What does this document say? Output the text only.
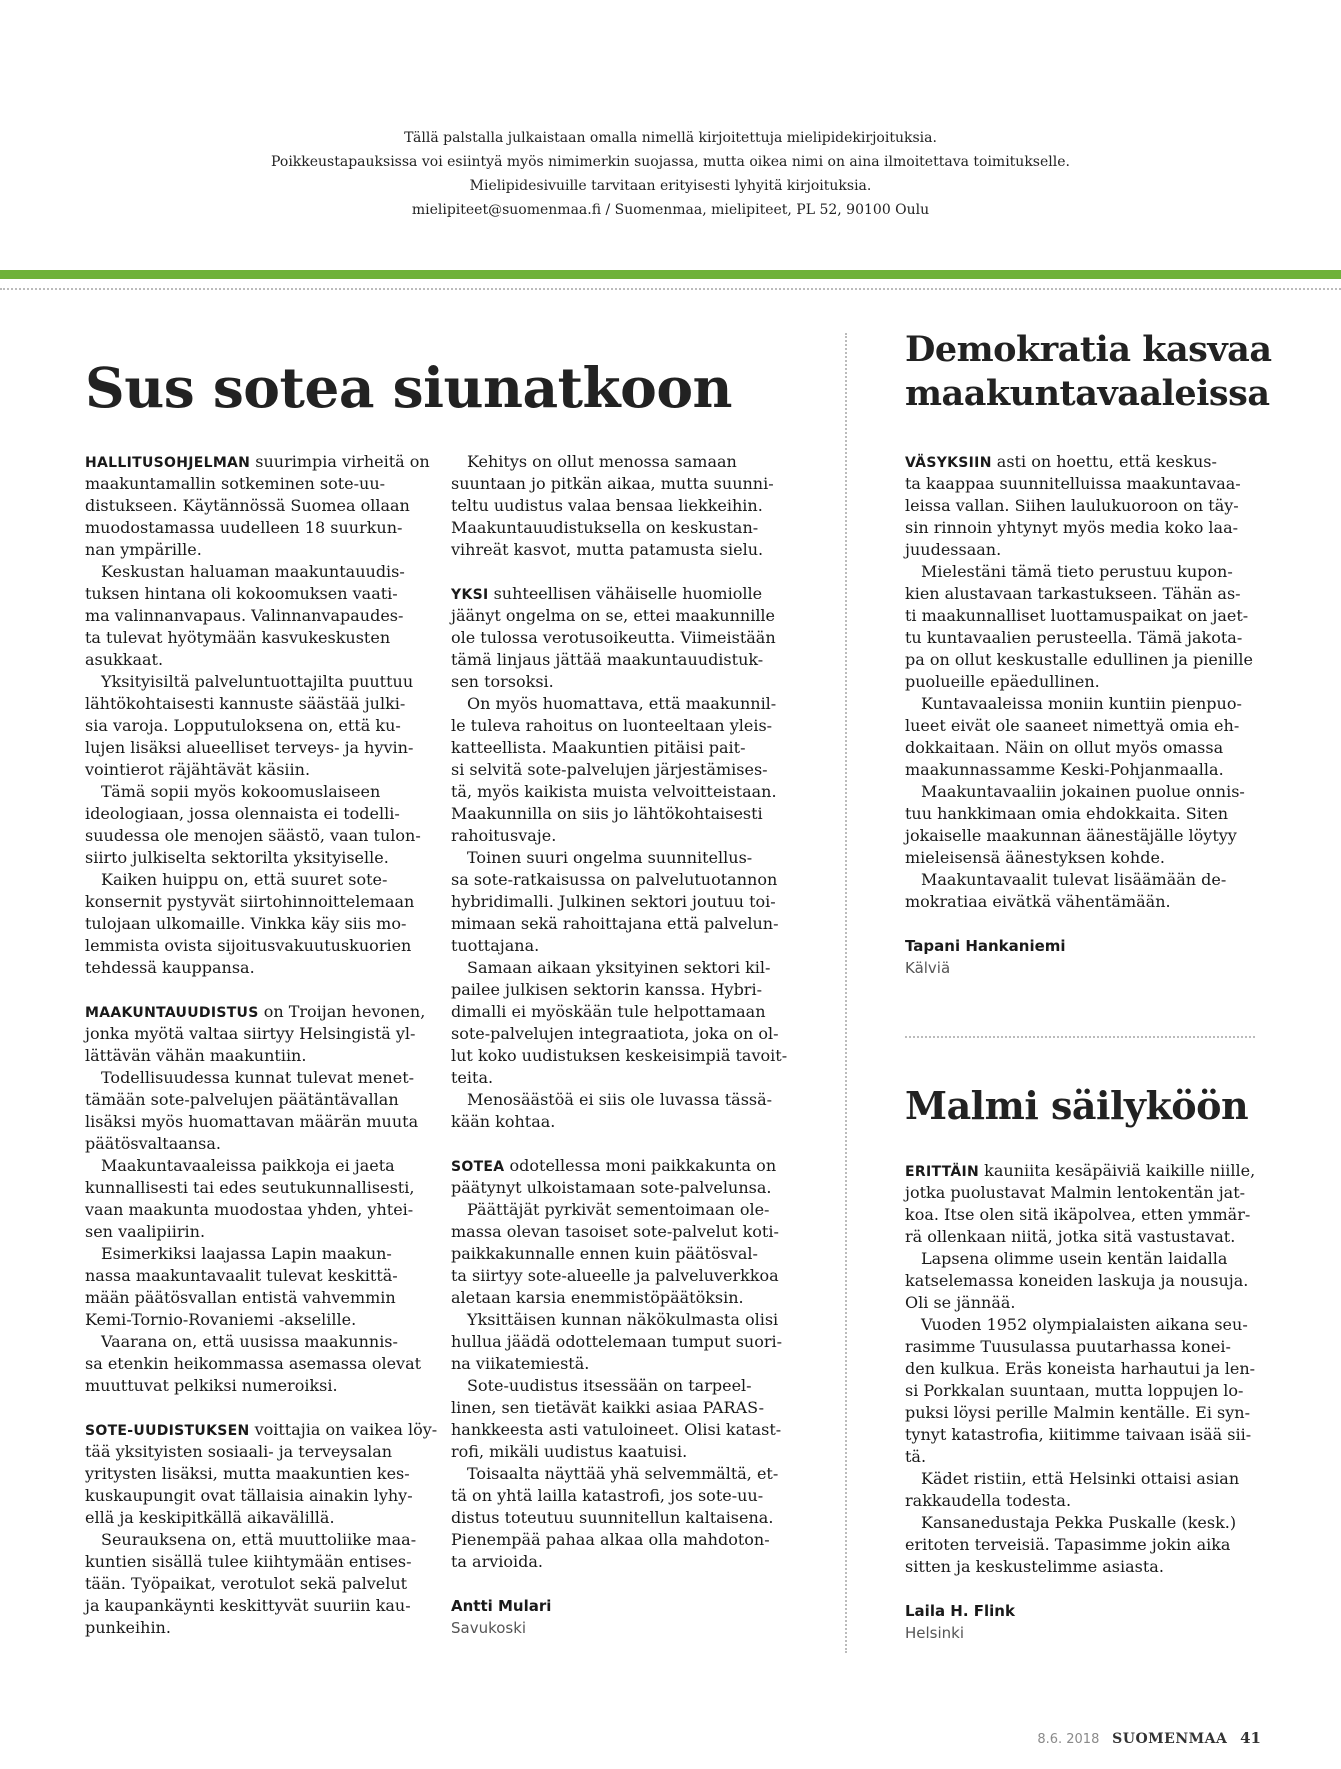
Tällä palstalla julkaistaan omalla nimellä kirjoitettuja mielipidekirjoituksia.
Poikkeustapauksissa voi esiintyä myös nimimerkin suojassa, mutta oikea nimi on aina ilmoitettava toimitukselle.
Mielipidesivuille tarvitaan erityisesti lyhyitä kirjoituksia.
mielipiteet@suomenmaa.fi / Suomenmaa, mielipiteet, PL 52, 90100 Oulu
Sus sotea siunatkoon
Demokratia kasvaa
maakuntavaaleissa
Malmi säilyköön
HALLITUSOHJELMAN suurimpia virheitä on
maakuntamallin sotkeminen sote-uu-
distukseen. Käytännössä Suomea ollaan
muodostamassa uudelleen 18 suurkun-
nan ympärille.
Keskustan haluaman maakuntauudis-
tuksen hintana oli kokoomuksen vaati-
ma valinnanvapaus. Valinnanvapaudes-
ta tulevat hyötymään kasvukeskusten
asukkaat.
Yksityisiltä palveluntuottajilta puuttuu
lähtökohtaisesti kannuste säästää julki-
sia varoja. Lopputuloksena on, että ku-
lujen lisäksi alueelliset terveys- ja hyvin-
vointierot räjähtävät käsiin.
Tämä sopii myös kokoomuslaiseen
ideologiaan, jossa olennaista ei todelli-
suudessa ole menojen säästö, vaan tulon-
siirto julkiselta sektorilta yksityiselle.
Kaiken huippu on, että suuret sote-
konsernit pystyvät siirtohinnoittelemaan
tulojaan ulkomaille. Vinkka käy siis mo-
lemmista ovista sijoitusvakuutuskuorien
tehdessä kauppansa.
MAAKUNTAUUDISTUS on Troijan hevonen,
jonka myötä valtaa siirtyy Helsingistä yl-
lättävän vähän maakuntiin.
Todellisuudessa kunnat tulevat menet-
tämään sote-palvelujen päätäntävallan
lisäksi myös huomattavan määrän muuta
päätösvaltaansa.
Maakuntavaaleissa paikkoja ei jaeta
kunnallisesti tai edes seutukunnallisesti,
vaan maakunta muodostaa yhden, yhtei-
sen vaalipiirin.
Esimerkiksi laajassa Lapin maakun-
nassa maakuntavaalit tulevat keskittä-
mään päätösvallan entistä vahvemmin
Kemi-Tornio-Rovaniemi -akselille.
Vaarana on, että uusissa maakunnis-
sa etenkin heikommassa asemassa olevat
muuttuvat pelkiksi numeroiksi.
SOTE-UUDISTUKSEN voittajia on vaikea löy-
tää yksityisten sosiaali- ja terveysalan
yritysten lisäksi, mutta maakuntien kes-
kuskaupungit ovat tällaisia ainakin lyhy-
ellä ja keskipitkällä aikavälillä.
Seurauksena on, että muuttoliike maa-
kuntien sisällä tulee kiihtymään entises-
tään. Työpaikat, verotulot sekä palvelut
ja kaupankäynti keskittyvät suuriin kau-
punkeihin.
Kehitys on ollut menossa samaan
suuntaan jo pitkän aikaa, mutta suunni-
teltu uudistus valaa bensaa liekkeihin.
Maakuntauudistuksella on keskustan-
vihreät kasvot, mutta patamusta sielu.
YKSI suhteellisen vähäiselle huomiolle
jäänyt ongelma on se, ettei maakunnille
ole tulossa verotusoikeutta. Viimeistään
tämä linjaus jättää maakuntauudistuk-
sen torsoksi.
On myös huomattava, että maakunnil-
le tuleva rahoitus on luonteeltaan yleis-
katteellista. Maakuntien pitäisi pait-
si selvitä sote-palvelujen järjestämises-
tä, myös kaikista muista velvoitteistaan.
Maakunnilla on siis jo lähtökohtaisesti
rahoitusvaje.
Toinen suuri ongelma suunnitellus-
sa sote-ratkaisussa on palvelutuotannon
hybridimalli. Julkinen sektori joutuu toi-
mimaan sekä rahoittajana että palvelun-
tuottajana.
Samaan aikaan yksityinen sektori kil-
pailee julkisen sektorin kanssa. Hybri-
dimalli ei myöskään tule helpottamaan
sote-palvelujen integraatiota, joka on ol-
lut koko uudistuksen keskeisimpiä tavoit-
teita.
Menosäästöä ei siis ole luvassa tässä-
kään kohtaa.
SOTEA odotellessa moni paikkakunta on
päätynyt ulkoistamaan sote-palvelunsa.
Päättäjät pyrkivät sementoimaan ole-
massa olevan tasoiset sote-palvelut koti-
paikkakunnalle ennen kuin päätösval-
ta siirtyy sote-alueelle ja palveluverkkoa
aletaan karsia enemmistöpäätöksin.
Yksittäisen kunnan näkökulmasta olisi
hullua jäädä odottelemaan tumput suori-
na viikatemiestä.
Sote-uudistus itsessään on tarpeel-
linen, sen tietävät kaikki asiaa PARAS-
hankkeesta asti vatuloineet. Olisi katast-
rofi, mikäli uudistus kaatuisi.
Toisaalta näyttää yhä selvemmältä, et-
tä on yhtä lailla katastrofi, jos sote-uu-
distus toteutuu suunnitellun kaltaisena.
Pienempää pahaa alkaa olla mahdoton-
ta arvioida.
Antti Mulari
Savukoski
VÄSYKSIIN asti on hoettu, että keskus-
ta kaappaa suunnitelluissa maakuntavaa-
leissa vallan. Siihen laulukuoroon on täy-
sin rinnoin yhtynyt myös media koko laa-
juudessaan.
Mielestäni tämä tieto perustuu kupon-
kien alustavaan tarkastukseen. Tähän as-
ti maakunnalliset luottamuspaikat on jaet-
tu kuntavaalien perusteella. Tämä jakota-
pa on ollut keskustalle edullinen ja pienille
puolueille epäedullinen.
Kuntavaaleissa moniin kuntiin pienpuo-
lueet eivät ole saaneet nimettyä omia eh-
dokkaitaan. Näin on ollut myös omassa
maakunnassamme Keski-Pohjanmaalla.
Maakuntavaaliin jokainen puolue onnis-
tuu hankkimaan omia ehdokkaita. Siten
jokaiselle maakunnan äänestäjälle löytyy
mieleisensä äänestyksen kohde.
Maakuntavaalit tulevat lisäämään de-
mokratiaa eivätkä vähentämään.
Tapani Hankaniemi
Kälviä
ERITTÄIN kauniita kesäpäiviä kaikille niille,
jotka puolustavat Malmin lentokentän jat-
koa. Itse olen sitä ikäpolvea, etten ymmär-
rä ollenkaan niitä, jotka sitä vastustavat.
Lapsena olimme usein kentän laidalla
katselemassa koneiden laskuja ja nousuja.
Oli se jännää.
Vuoden 1952 olympialaisten aikana seu-
rasimme Tuusulassa puutarhassa konei-
den kulkua. Eräs koneista harhautui ja len-
si Porkkalan suuntaan, mutta loppujen lo-
puksi löysi perille Malmin kentälle. Ei syn-
tynyt katastrofia, kiitimme taivaan isää sii-
tä.
Kädet ristiin, että Helsinki ottaisi asian
rakkaudella todesta.
Kansanedustaja Pekka Puskalle (kesk.)
eritoten terveisiä. Tapasimme jokin aika
sitten ja keskustelimme asiasta.
Laila H. Flink
Helsinki
8.6. 2018 SUOMENMAA 41
